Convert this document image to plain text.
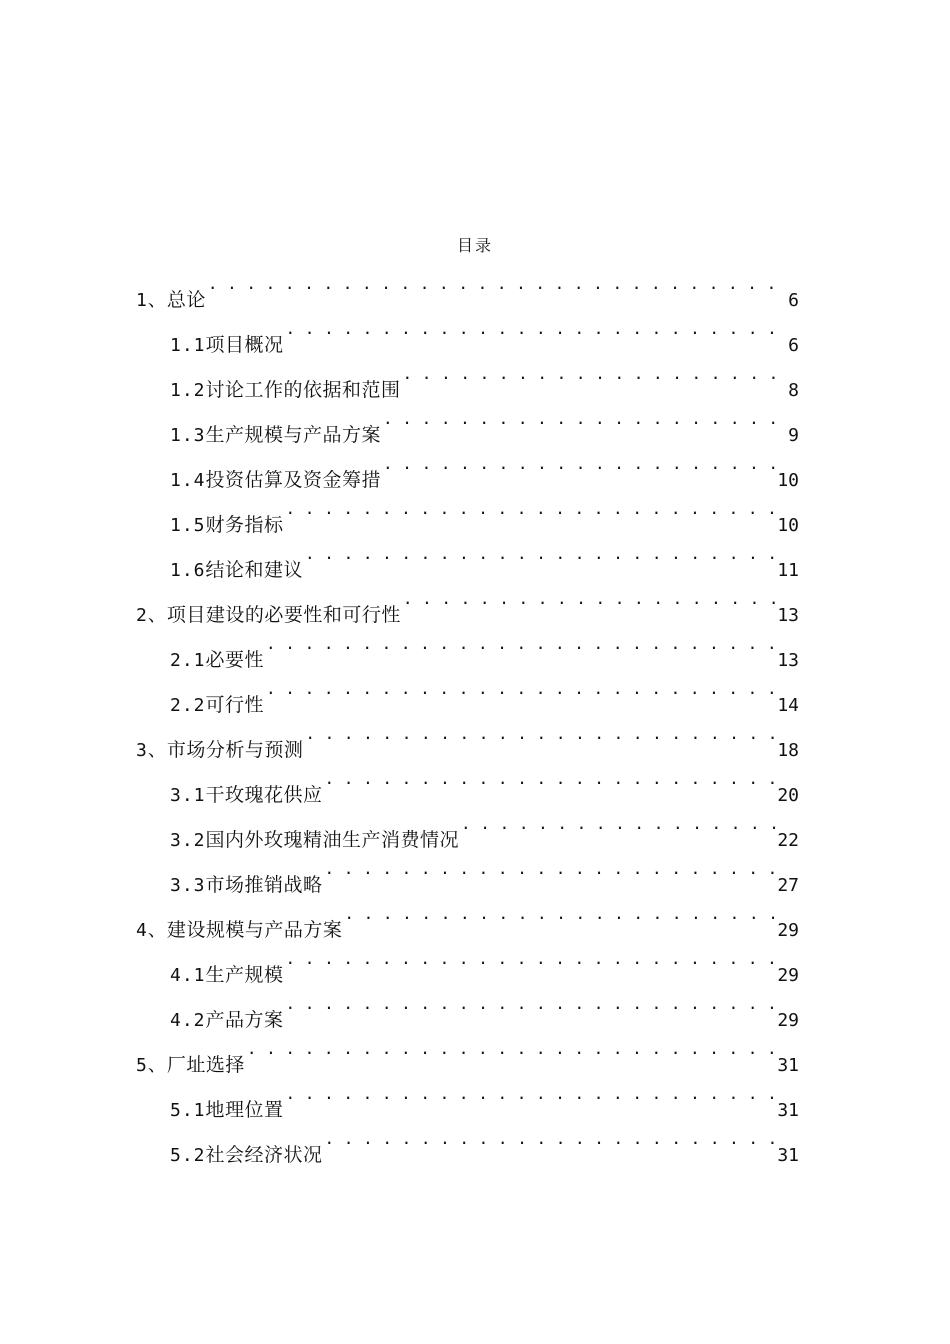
目录
1、 总论 . . .	6
1.1 项目概况 . . .	6
1.2 讨论工作的依据和范围 . . .	8
1.3 生产规模与产品方案 . . .	9
1.4 投资估算及资金筹措 . . .	10
1.5 财务指标 . . .	10
1.6 结论和建议 . . .	11
2、 项目建设的必要性和可行性 . . .	13
2.1 必要性 . . .	13
2.2 可行性 . . .	14
3、 市场分析与预测 . . .	18
3.1 干玫瑰花供应 . . .	20
3.2 国内外玫瑰精油生产消费情况 . . .	22
3.3 市场推销战略 . . .	27
4、 建设规模与产品方案 . . .	29
4.1 生产规模 . . .	29
4.2 产品方案 . . .	29
5、 厂址选择 . . .	31
5.1 地理位置 . . .	31
5.2 社会经济状况 . . .	31
